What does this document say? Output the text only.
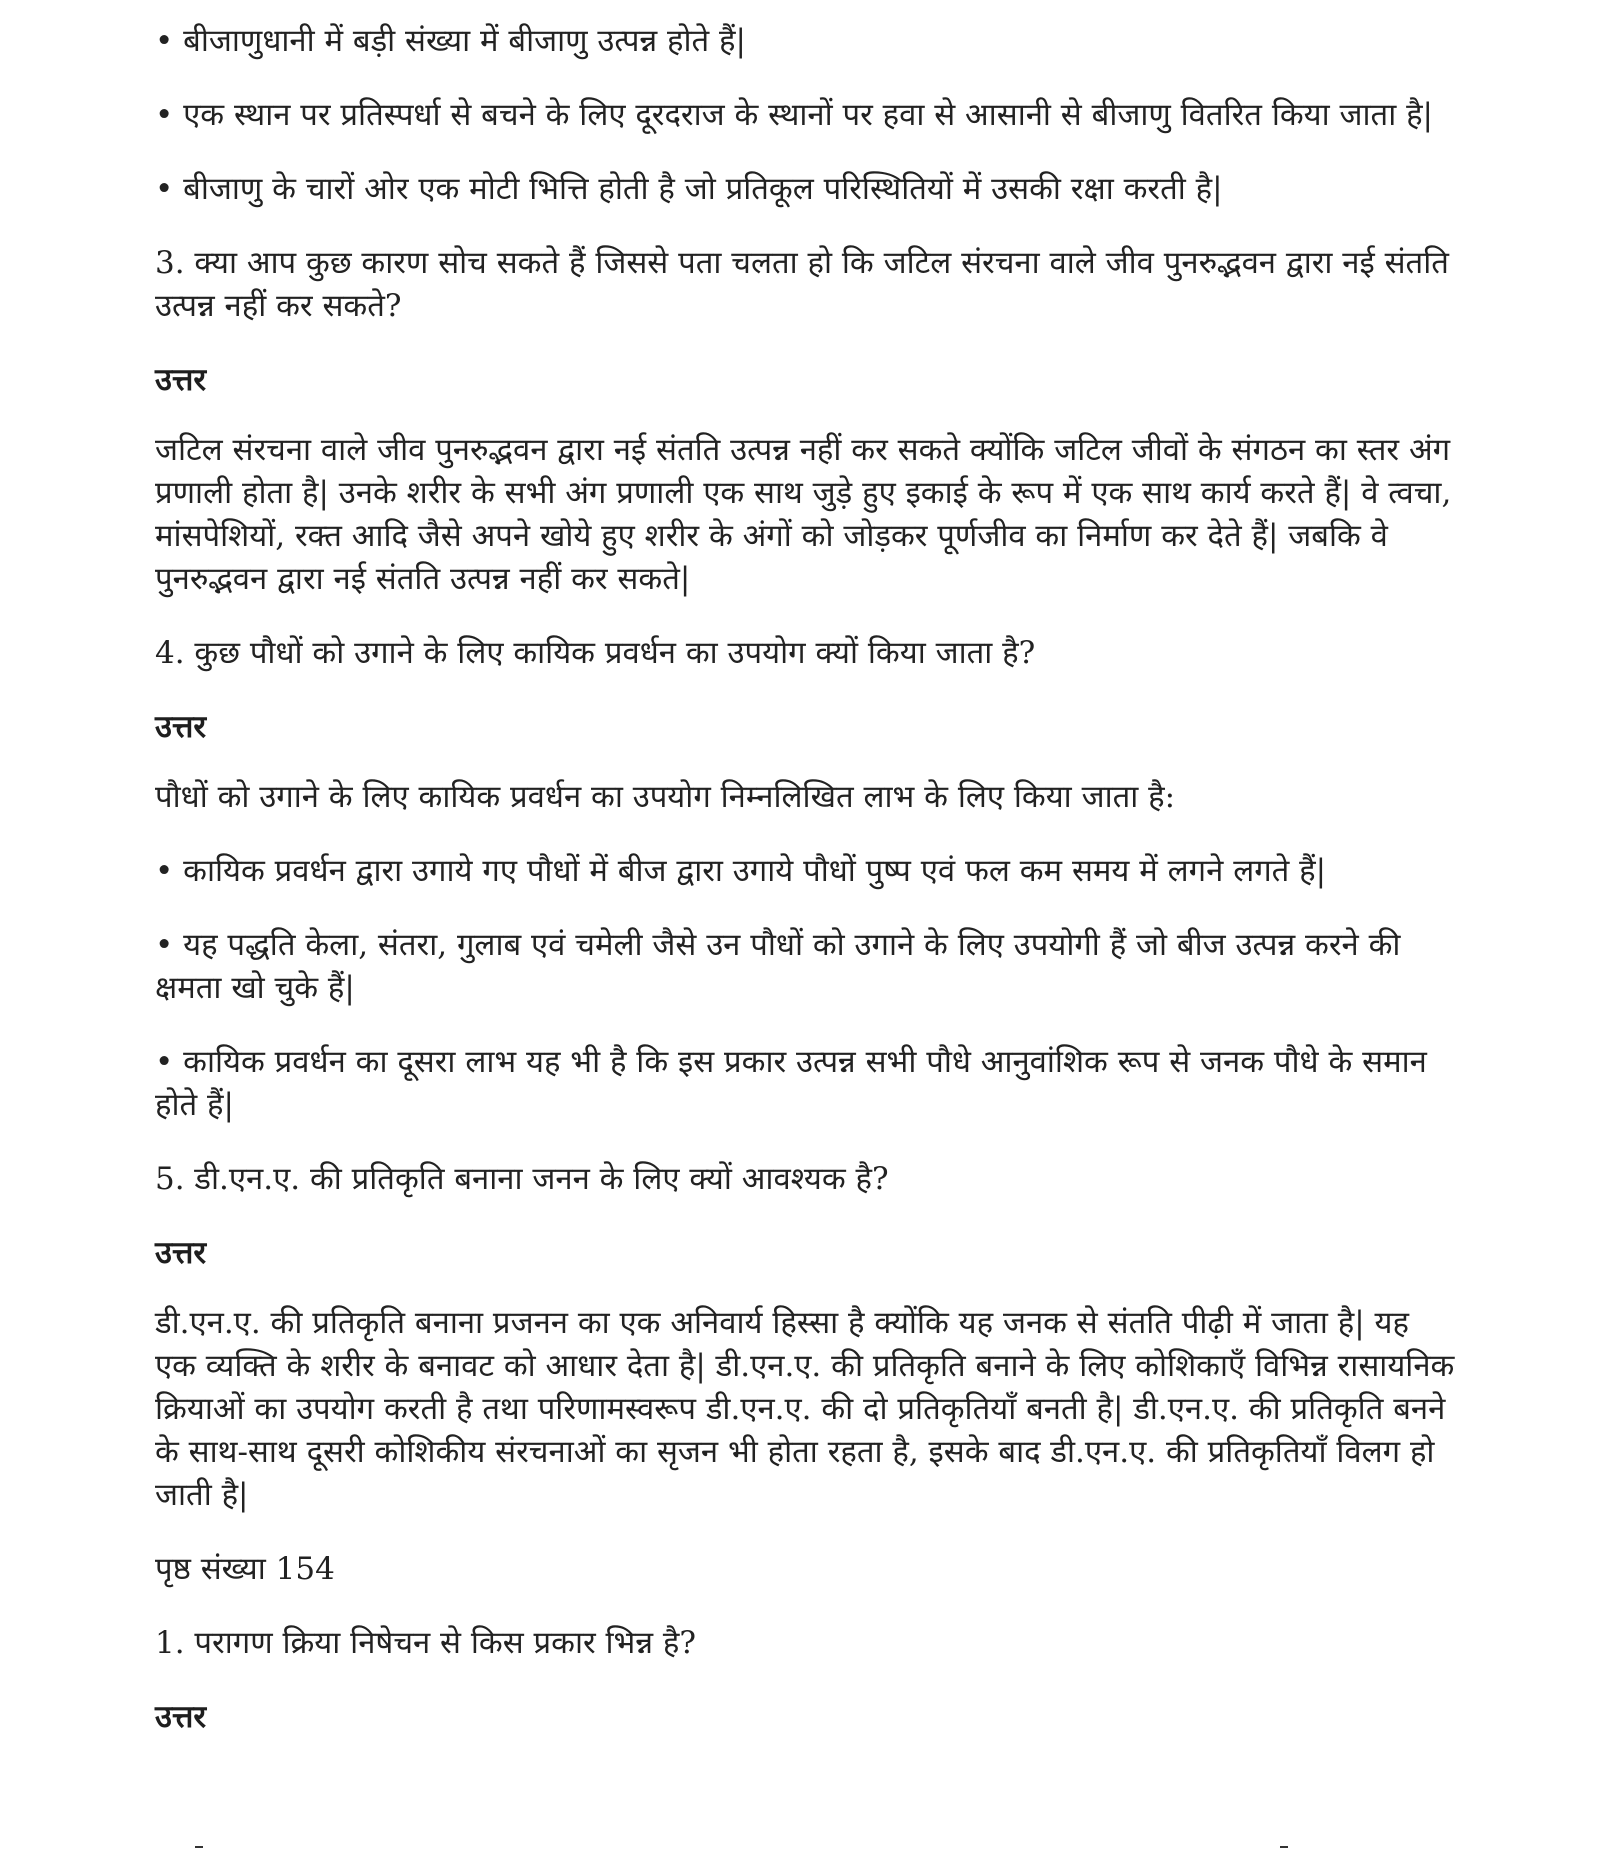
• बीजाणुधानी में बड़ी संख्या में बीजाणु उत्पन्न होते हैं|

• एक स्थान पर प्रतिस्पर्धा से बचने के लिए दूरदराज के स्थानों पर हवा से आसानी से बीजाणु वितरित किया जाता है|

• बीजाणु के चारों ओर एक मोटी भित्ति होती है जो प्रतिकूल परिस्थितियों में उसकी रक्षा करती है|

3. क्या आप कुछ कारण सोच सकते हैं जिससे पता चलता हो कि जटिल संरचना वाले जीव पुनरुद्भवन द्वारा नई संतति उत्पन्न नहीं कर सकते?

उत्तर

जटिल संरचना वाले जीव पुनरुद्भवन द्वारा नई संतति उत्पन्न नहीं कर सकते क्योंकि जटिल जीवों के संगठन का स्तर अंग प्रणाली होता है| उनके शरीर के सभी अंग प्रणाली एक साथ जुड़े हुए इकाई के रूप में एक साथ कार्य करते हैं| वे त्वचा, मांसपेशियों, रक्त आदि जैसे अपने खोये हुए शरीर के अंगों को जोड़कर पूर्णजीव का निर्माण कर देते हैं| जबकि वे पुनरुद्भवन द्वारा नई संतति उत्पन्न नहीं कर सकते|

4. कुछ पौधों को उगाने के लिए कायिक प्रवर्धन का उपयोग क्यों किया जाता है?

उत्तर

पौधों को उगाने के लिए कायिक प्रवर्धन का उपयोग निम्नलिखित लाभ के लिए किया जाता है:

• कायिक प्रवर्धन द्वारा उगाये गए पौधों में बीज द्वारा उगाये पौधों पुष्प एवं फल कम समय में लगने लगते हैं|

• यह पद्धति केला, संतरा, गुलाब एवं चमेली जैसे उन पौधों को उगाने के लिए उपयोगी हैं जो बीज उत्पन्न करने की क्षमता खो चुके हैं|

• कायिक प्रवर्धन का दूसरा लाभ यह भी है कि इस प्रकार उत्पन्न सभी पौधे आनुवांशिक रूप से जनक पौधे के समान होते हैं|

5. डी.एन.ए. की प्रतिकृति बनाना जनन के लिए क्यों आवश्यक है?

उत्तर

डी.एन.ए. की प्रतिकृति बनाना प्रजनन का एक अनिवार्य हिस्सा है क्योंकि यह जनक से संतति पीढ़ी में जाता है| यह एक व्यक्ति के शरीर के बनावट को आधार देता है| डी.एन.ए. की प्रतिकृति बनाने के लिए कोशिकाएँ विभिन्न रासायनिक क्रियाओं का उपयोग करती है तथा परिणामस्वरूप डी.एन.ए. की दो प्रतिकृतियाँ बनती है| डी.एन.ए. की प्रतिकृति बनने के साथ-साथ दूसरी कोशिकीय संरचनाओं का सृजन भी होता रहता है, इसके बाद डी.एन.ए. की प्रतिकृतियाँ विलग हो जाती है|

पृष्ठ संख्या 154

1. परागण क्रिया निषेचन से किस प्रकार भिन्न है?

उत्तर
